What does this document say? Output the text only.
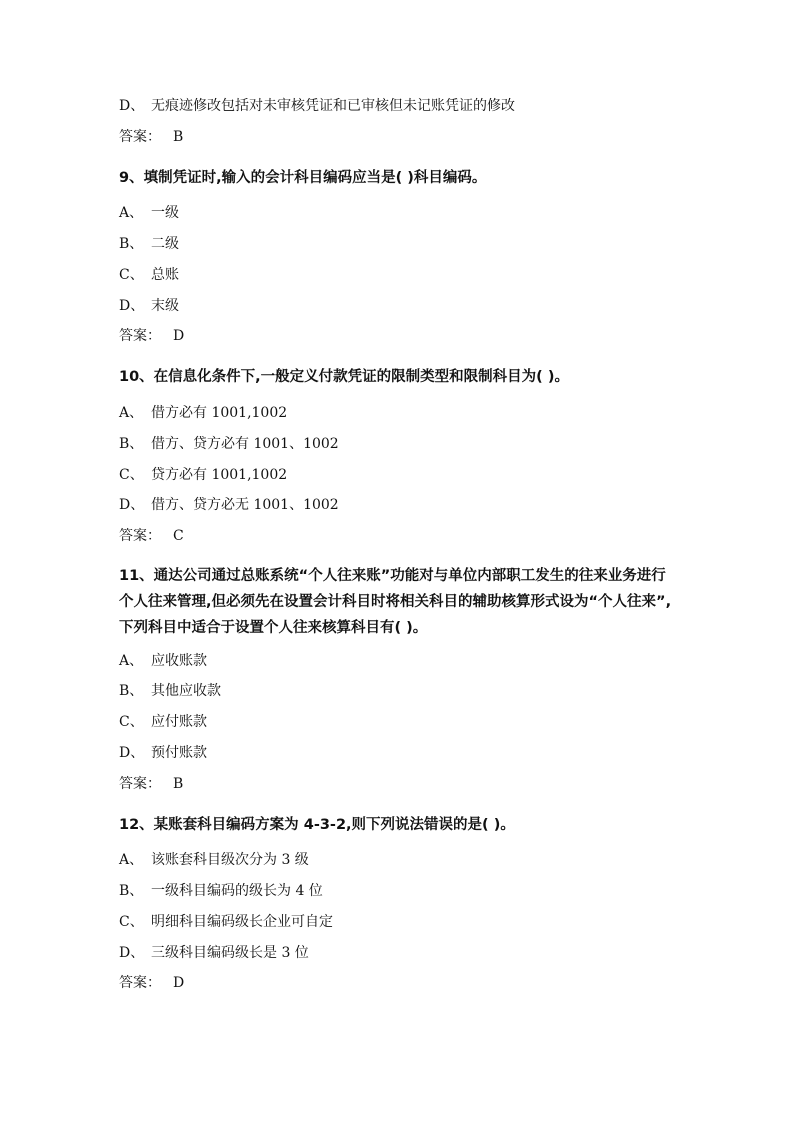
D、 无痕迹修改包括对未审核凭证和已审核但未记账凭证的修改
答案： B
9、填制凭证时,输入的会计科目编码应当是( )科目编码。
A、 一级
B、 二级
C、 总账
D、 末级
答案： D
10、在信息化条件下,一般定义付款凭证的限制类型和限制科目为( )。
A、 借方必有 1001,1002
B、 借方、贷方必有 1001、1002
C、 贷方必有 1001,1002
D、 借方、贷方必无 1001、1002
答案： C
11、通达公司通过总账系统“个人往来账”功能对与单位内部职工发生的往来业务进行个人往来管理,但必须先在设置会计科目时将相关科目的辅助核算形式设为“个人往来”,下列科目中适合于设置个人往来核算科目有( )。
A、 应收账款
B、 其他应收款
C、 应付账款
D、 预付账款
答案： B
12、某账套科目编码方案为 4-3-2,则下列说法错误的是( )。
A、 该账套科目级次分为 3 级
B、 一级科目编码的级长为 4 位
C、 明细科目编码级长企业可自定
D、 三级科目编码级长是 3 位
答案： D
